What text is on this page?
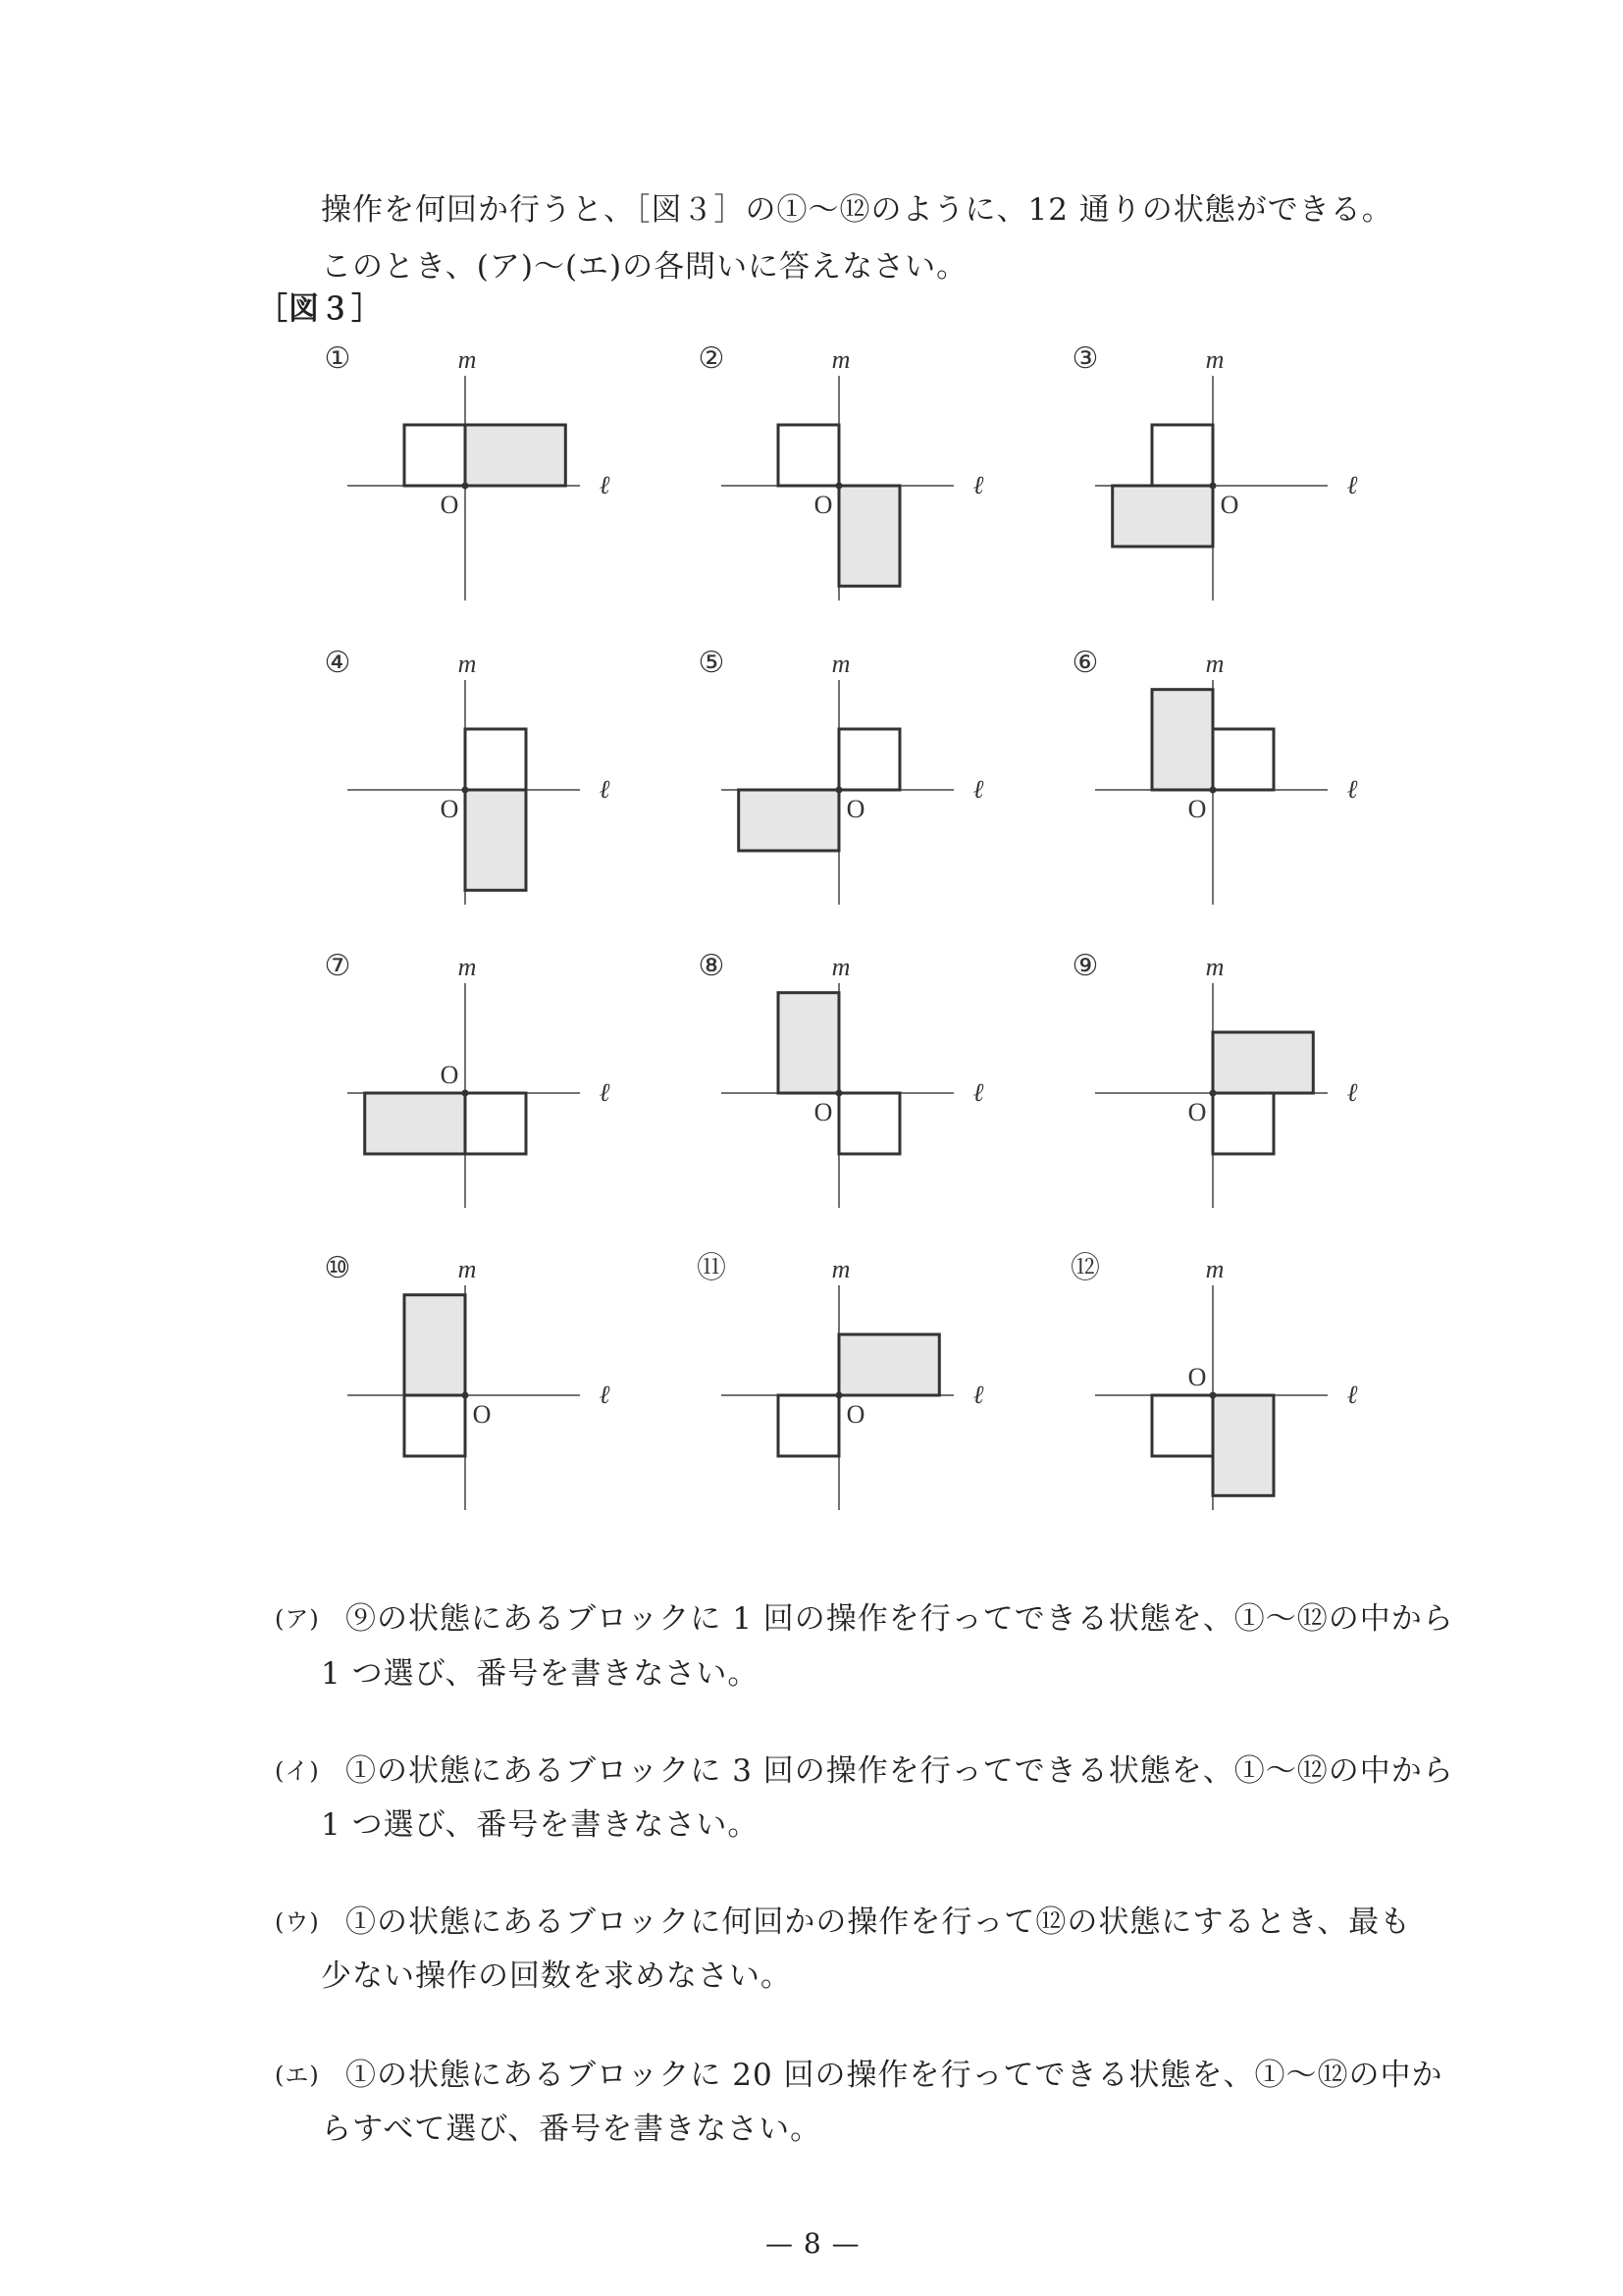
操作を何回か行うと、［図３］の①～⑫のように、12 通りの状態ができる。
このとき、(ア)～(エ)の各問いに答えなさい。
［図３］
①	m
ℓ
O
②	m
ℓ
O
③	m
ℓ
O
④	m
ℓ
O
⑤	m
ℓ
O
⑥	m
ℓ
O
⑦	m
ℓ
O
⑧	m
ℓ
O
⑨	m
ℓ
O
⑩	m
ℓ
O
⑪	m
ℓ
O
⑫	m
ℓ
O
(ア) ⑨の状態にあるブロックに 1 回の操作を行ってできる状態を、①～⑫の中から
1 つ選び、番号を書きなさい。
(イ) ①の状態にあるブロックに 3 回の操作を行ってできる状態を、①～⑫の中から
1 つ選び、番号を書きなさい。
(ウ) ①の状態にあるブロックに何回かの操作を行って⑫の状態にするとき、最も
少ない操作の回数を求めなさい。
(エ) ①の状態にあるブロックに 20 回の操作を行ってできる状態を、①～⑫の中か
らすべて選び、番号を書きなさい。
— 8 —
